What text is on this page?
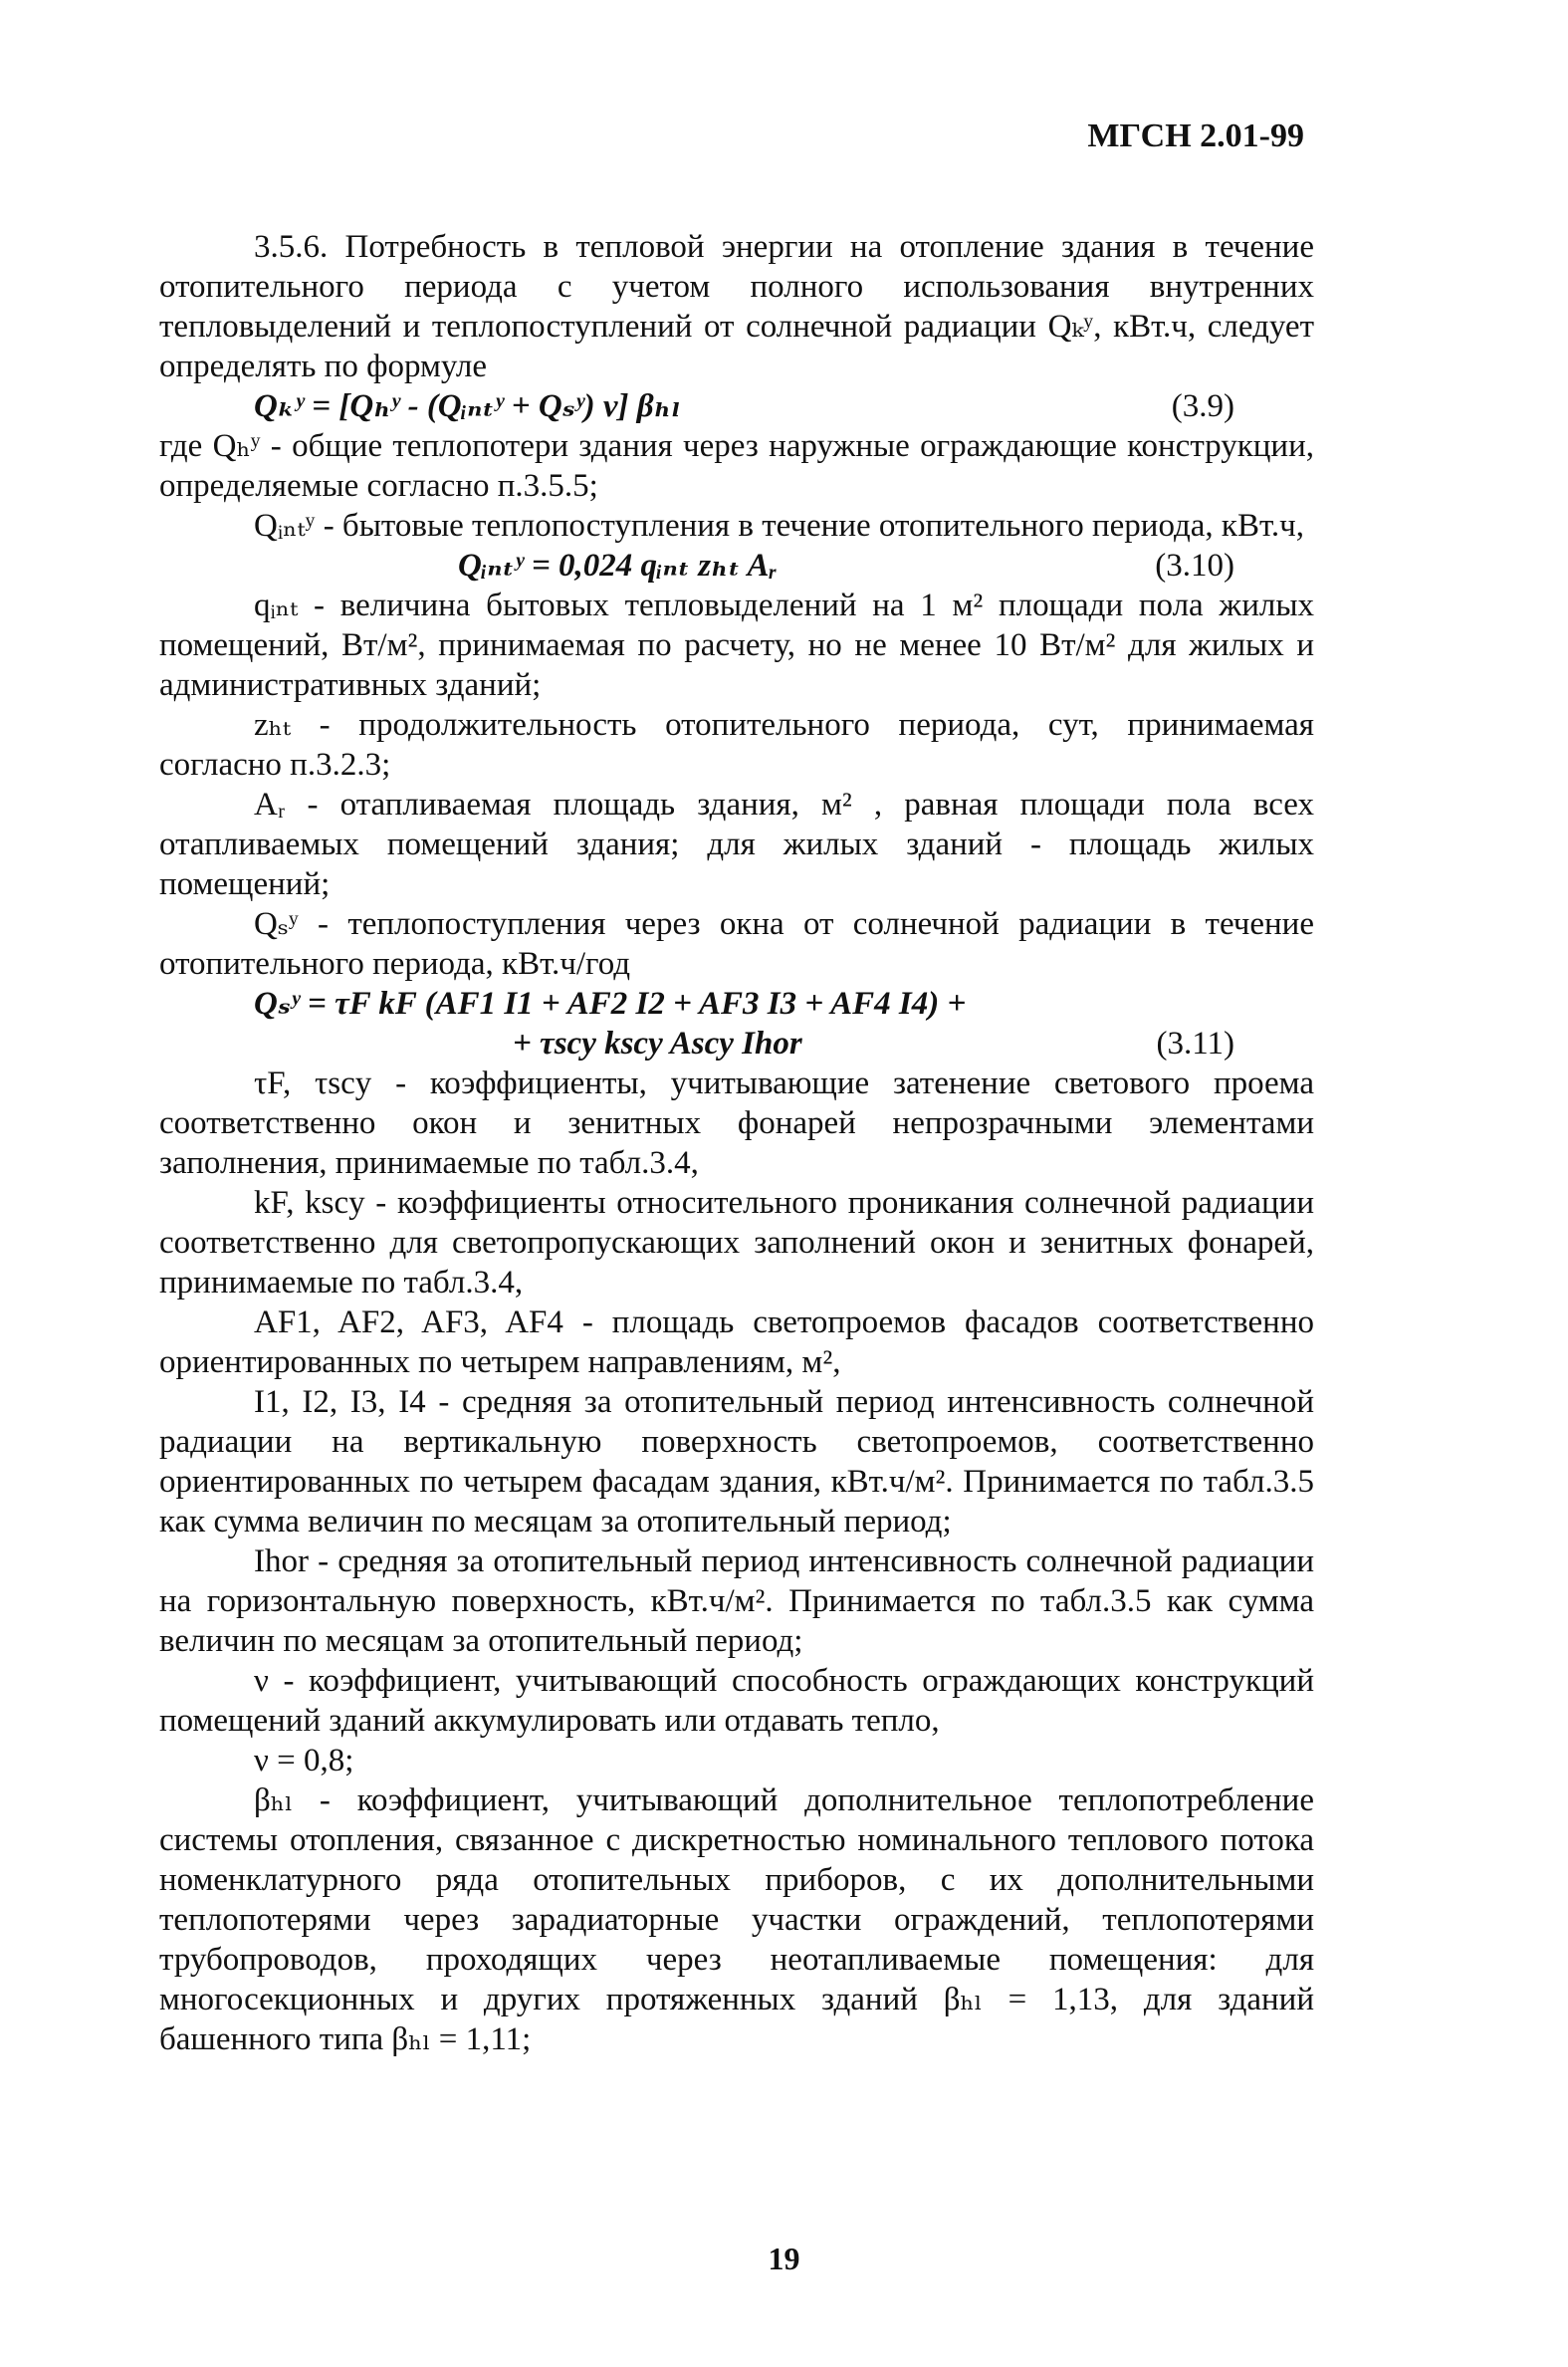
МГСН 2.01-99

3.5.6. Потребность в тепловой энергии на отопление здания в течение отопительного периода с учетом полного использования внутренних тепловыделений и теплопоступлений от солнечной радиации Qₖʸ, кВт.ч, следует определять по формуле

Qₖʸ = [Qₕʸ - (Qᵢₙₜʸ + Qₛʸ) ν] βₕₗ	(3.9)

где Qₕʸ - общие теплопотери здания через наружные ограждающие конструкции, определяемые согласно п.3.5.5;

Qᵢₙₜʸ - бытовые теплопоступления в течение отопительного периода, кВт.ч,

Qᵢₙₜʸ = 0,024 qᵢₙₜ zₕₜ Aᵣ	(3.10)

qᵢₙₜ - величина бытовых тепловыделений на 1 м² площади пола жилых помещений, Вт/м², принимаемая по расчету, но не менее 10 Вт/м² для жилых и административных зданий;

zₕₜ - продолжительность отопительного периода, сут, принимаемая согласно п.3.2.3;

Aᵣ - отапливаемая площадь здания, м² , равная площади пола всех отапливаемых помещений здания; для жилых зданий - площадь жилых помещений;

Qₛʸ - теплопоступления через окна от солнечной радиации в течение отопительного периода, кВт.ч/год

Qₛʸ = τF kF (AF1 I1 + AF2 I2 + AF3 I3 + AF4 I4) +
+ τscy kscy Ascy Ihor	(3.11)

τF, τscy - коэффициенты, учитывающие затенение светового проема соответственно окон и зенитных фонарей непрозрачными элементами заполнения, принимаемые по табл.3.4,

kF, kscy - коэффициенты относительного проникания солнечной радиации соответственно для светопропускающих заполнений окон и зенитных фонарей, принимаемые по табл.3.4,

AF1, AF2, AF3, AF4 - площадь светопроемов фасадов соответственно ориентированных по четырем направлениям, м²,

I1, I2, I3, I4 - средняя за отопительный период интенсивность солнечной радиации на вертикальную поверхность светопроемов, соответственно ориентированных по четырем фасадам здания, кВт.ч/м². Принимается по табл.3.5 как сумма величин по месяцам за отопительный период;

Ihor - средняя за отопительный период интенсивность солнечной радиации на горизонтальную поверхность, кВт.ч/м². Принимается по табл.3.5 как сумма величин по месяцам за отопительный период;

ν - коэффициент, учитывающий способность ограждающих конструкций помещений зданий аккумулировать или отдавать тепло,

ν = 0,8;

βₕₗ - коэффициент, учитывающий дополнительное теплопотребление системы отопления, связанное с дискретностью номинального теплового потока номенклатурного ряда отопительных приборов, с их дополнительными теплопотерями через зарадиаторные участки ограждений, теплопотерями трубопроводов, проходящих через неотапливаемые помещения: для многосекционных и других протяженных зданий βₕₗ = 1,13, для зданий башенного типа βₕₗ = 1,11;

19
